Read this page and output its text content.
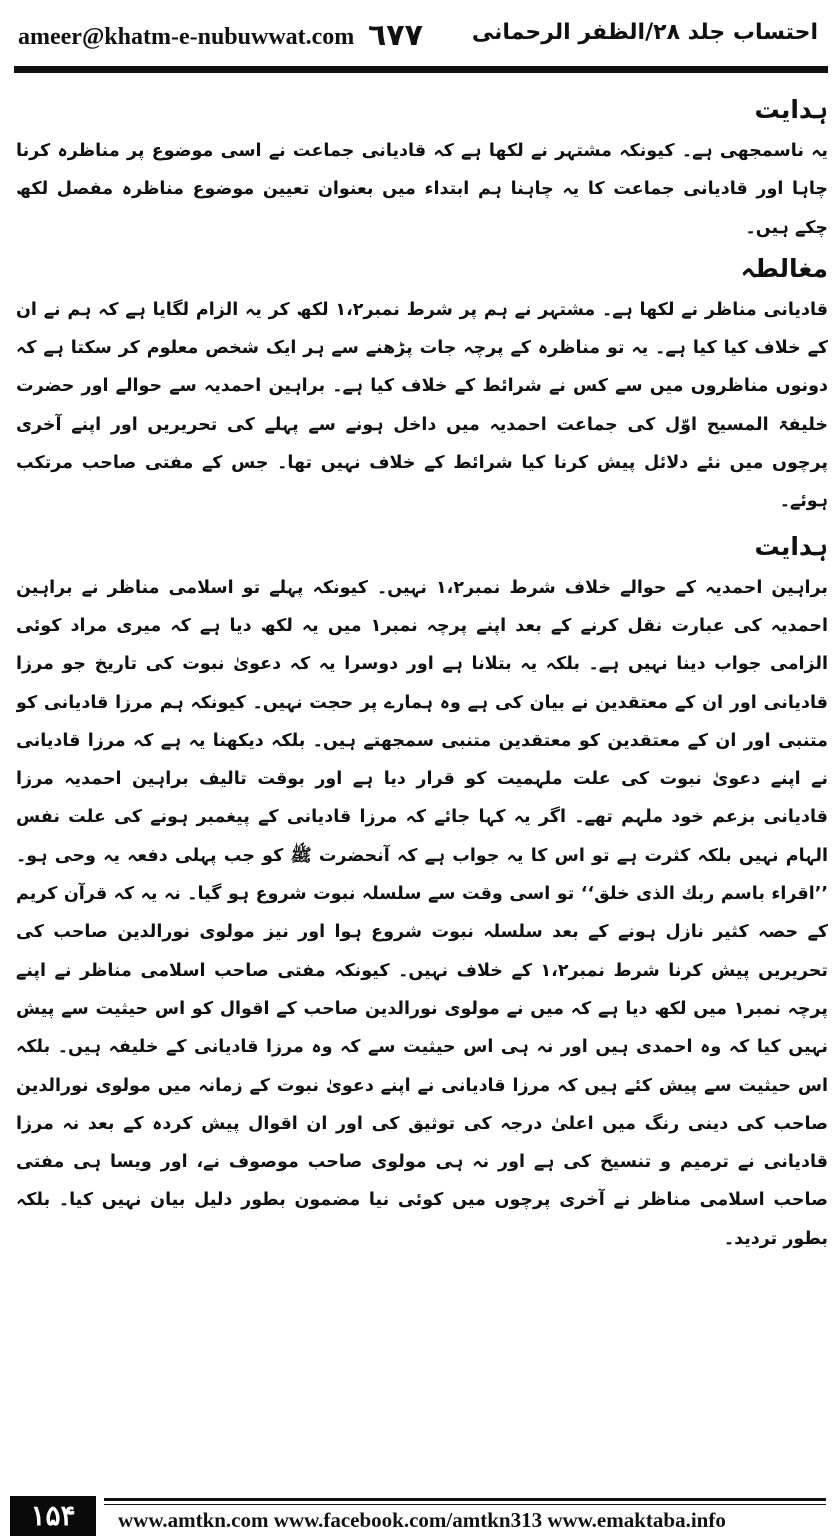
ameer@khatm-e-nubuwwat.com ٦٧٧ احتساب جلد ۲۸/الظفر الرحمانی
ہدایت

یہ ناسمجھی ہے۔ کیونکہ مشتہر نے لکھا ہے کہ قادیانی جماعت نے اسی موضوع پر مناظرہ کرنا چاہا اور قادیانی جماعت کا یہ چاہنا ہم ابتداء میں بعنوان تعیین موضوع مناظرہ مفصل لکھ چکے ہیں۔

مغالطہ

قادیانی مناظر نے لکھا ہے۔ مشتہر نے ہم پر شرط نمبر۱،۲ لکھ کر یہ الزام لگایا ہے کہ ہم نے ان کے خلاف کیا کیا ہے۔ یہ تو مناظرہ کے پرچہ جات پڑھنے سے ہر ایک شخص معلوم کر سکتا ہے کہ دونوں مناظروں میں سے کس نے شرائط کے خلاف کیا ہے۔ براہین احمدیہ سے حوالے اور حضرت خلیفۃ المسیح اوّل کی جماعت احمدیہ میں داخل ہونے سے پہلے کی تحریریں اور اپنے آخری پرچوں میں نئے دلائل پیش کرنا کیا شرائط کے خلاف نہیں تھا۔ جس کے مفتی صاحب مرتکب ہوئے۔

ہدایت

براہین احمدیہ کے حوالے خلاف شرط نمبر۱،۲ نہیں۔ کیونکہ پہلے تو اسلامی مناظر نے براہین احمدیہ کی عبارت نقل کرنے کے بعد اپنے پرچہ نمبر۱ میں یہ لکھ دیا ہے کہ میری مراد کوئی الزامی جواب دینا نہیں ہے۔ بلکہ یہ بتلانا ہے اور دوسرا یہ کہ دعویٰ نبوت کی تاریخ جو مرزا قادیانی اور ان کے معتقدین نے بیان کی ہے وہ ہمارے پر حجت نہیں۔ کیونکہ ہم مرزا قادیانی کو متنبی اور ان کے معتقدین کو معتقدین متنبی سمجھتے ہیں۔ بلکہ دیکھنا یہ ہے کہ مرزا قادیانی نے اپنے دعویٰ نبوت کی علت ملہمیت کو قرار دیا ہے اور بوقت تالیف براہین احمدیہ مرزا قادیانی بزعم خود ملہم تھے۔ اگر یہ کہا جائے کہ مرزا قادیانی کے پیغمبر ہونے کی علت نفس الہام نہیں بلکہ کثرت ہے تو اس کا یہ جواب ہے کہ آنحضرت ﷺ کو جب پہلی دفعہ یہ وحی ہو۔ ’’اقراء باسم ربك الذی خلق‘‘ تو اسی وقت سے سلسلہ نبوت شروع ہو گیا۔ نہ یہ کہ قرآن کریم کے حصہ کثیر نازل ہونے کے بعد سلسلہ نبوت شروع ہوا اور نیز مولوی نورالدین صاحب کی تحریریں پیش کرنا شرط نمبر۱،۲ کے خلاف نہیں۔ کیونکہ مفتی صاحب اسلامی مناظر نے اپنے پرچہ نمبر۱ میں لکھ دیا ہے کہ میں نے مولوی نورالدین صاحب کے اقوال کو اس حیثیت سے پیش نہیں کیا کہ وہ احمدی ہیں اور نہ ہی اس حیثیت سے کہ وہ مرزا قادیانی کے خلیفہ ہیں۔ بلکہ اس حیثیت سے پیش کئے ہیں کہ مرزا قادیانی نے اپنے دعویٰ نبوت کے زمانہ میں مولوی نورالدین صاحب کی دینی رنگ میں اعلیٰ درجہ کی توثیق کی اور ان اقوال پیش کردہ کے بعد نہ مرزا قادیانی نے ترمیم و تنسیخ کی ہے اور نہ ہی مولوی صاحب موصوف نے، اور ویسا ہی مفتی صاحب اسلامی مناظر نے آخری پرچوں میں کوئی نیا مضمون بطور دلیل بیان نہیں کیا۔ بلکہ بطور تردید۔

۱۵۴	www.amtkn.com www.facebook.com/amtkn313 www.emaktaba.info
